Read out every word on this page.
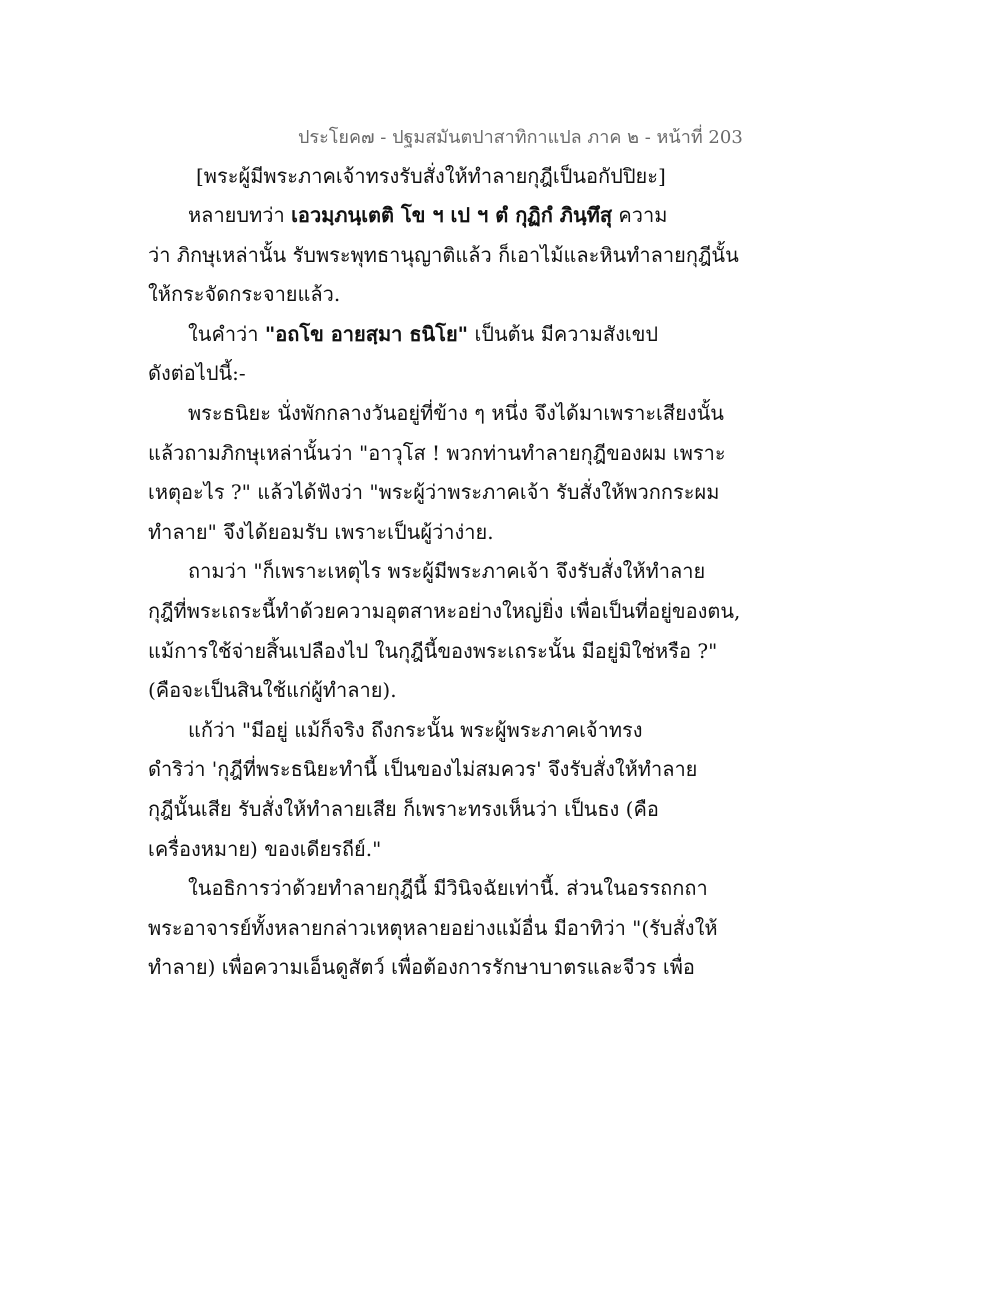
ประโยค๗ - ปฐมสมันตปาสาทิกาแปล ภาค ๒ - หน้าที่ 203
[พระผู้มีพระภาคเจ้าทรงรับสั่งให้ทำลายกุฎีเป็นอกัปปิยะ]
หลายบทว่า เอวมฺภนฺเตติ โข ฯ เป ฯ ตํ กุฏิกํ ภินฺทึสุ ความ
ว่า ภิกษุเหล่านั้น รับพระพุทธานุญาติแล้ว ก็เอาไม้และหินทำลายกุฎีนั้น
ให้กระจัดกระจายแล้ว.
ในคำว่า "อถโข อายสฺมา ธนิโย" เป็นต้น มีความสังเขป
ดังต่อไปนี้:-
พระธนิยะ นั่งพักกลางวันอยู่ที่ข้าง ๆ หนึ่ง จึงได้มาเพราะเสียงนั้น
แล้วถามภิกษุเหล่านั้นว่า "อาวุโส ! พวกท่านทำลายกุฎีของผม เพราะ
เหตุอะไร ?" แล้วได้ฟังว่า "พระผู้ว่าพระภาคเจ้า รับสั่งให้พวกกระผม
ทำลาย" จึงได้ยอมรับ เพราะเป็นผู้ว่าง่าย.
ถามว่า "ก็เพราะเหตุไร พระผู้มีพระภาคเจ้า จึงรับสั่งให้ทำลาย
กุฎีที่พระเถระนี้ทำด้วยความอุตสาหะอย่างใหญ่ยิ่ง เพื่อเป็นที่อยู่ของตน,
แม้การใช้จ่ายสิ้นเปลืองไป ในกุฎีนี้ของพระเถระนั้น มีอยู่มิใช่หรือ ?"
(คือจะเป็นสินใช้แก่ผู้ทำลาย).
แก้ว่า "มีอยู่ แม้ก็จริง ถึงกระนั้น พระผู้พระภาคเจ้าทรง
ดำริว่า 'กุฎีที่พระธนิยะทำนี้ เป็นของไม่สมควร' จึงรับสั่งให้ทำลาย
กุฎีนั้นเสีย รับสั่งให้ทำลายเสีย ก็เพราะทรงเห็นว่า เป็นธง (คือ
เครื่องหมาย) ของเดียรถีย์."
ในอธิการว่าด้วยทำลายกุฎีนี้ มีวินิจฉัยเท่านี้. ส่วนในอรรถกถา
พระอาจารย์ทั้งหลายกล่าวเหตุหลายอย่างแม้อื่น มีอาทิว่า "(รับสั่งให้
ทำลาย) เพื่อความเอ็นดูสัตว์ เพื่อต้องการรักษาบาตรและจีวร เพื่อ
